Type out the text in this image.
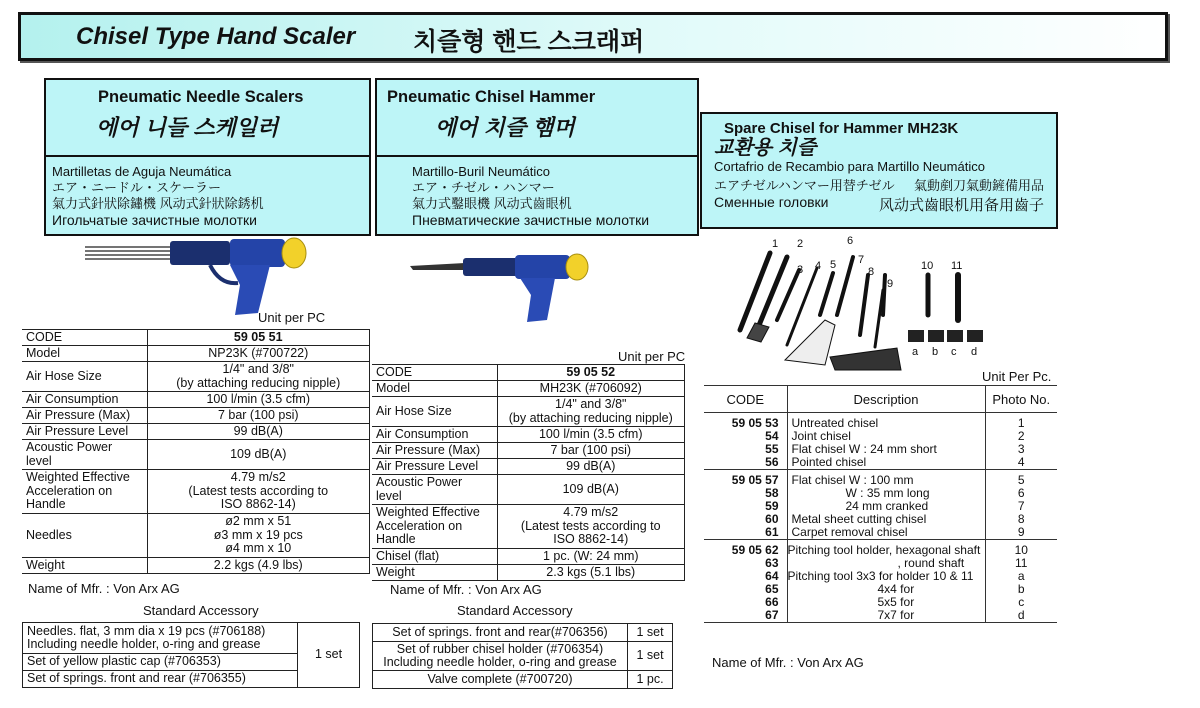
Chisel Type Hand Scaler 치즐형 핸드 스크래퍼
Pneumatic Needle Scalers
에어 니들 스케일러
Martilletas de Aguja Neumática
エア・ニードル・スケーラー
氣力式針狀除鏽機 风动式針狀除銹机
Игольчатые зачистные молотки
Pneumatic Chisel Hammer
에어 치즐 햄머
Martillo-Buril Neumático
エア・チゼル・ハンマー
氣力式鑿眼機 风动式齒眼机
Пневматические зачистные молотки
Spare Chisel for Hammer MH23K
교환용 치즐
Cortafrio de Recambio para Martillo Neumático
エアチゼルハンマー用替チゼル 氣動剷刀氣動鏟備用品
Сменные головки	风动式齒眼机用备用齒子
Unit per PC
Unit per PC
1 2
3 4 5
6
7
8
9
10 11
a b c d
Unit Per Pc.
CODE	59 05 51
Model	NP23K (#700722)
Air Hose Size	1/4" and 3/8"
(by attaching reducing nipple)
Air Consumption	100 l/min (3.5 cfm)
Air Pressure (Max)	7 bar (100 psi)
Air Pressure Level	99 dB(A)
Acoustic Power
level	109 dB(A)
Weighted Effective
Acceleration on
Handle	4.79 m/s2
(Latest tests according to
ISO 8862-14)
Needles	ø2 mm x 51
ø3 mm x 19 pcs
ø4 mm x 10
Weight	2.2 kgs (4.9 lbs)
Name of Mfr. : Von Arx AG
Standard Accessory
Needles. flat, 3 mm dia x 19 pcs (#706188)
Including needle holder, o-ring and grease	1 set
Set of yellow plastic cap (#706353)
Set of springs. front and rear (#706355)
CODE	59 05 52
Model	MH23K (#706092)
Air Hose Size	1/4" and 3/8"
(by attaching reducing nipple)
Air Consumption	100 l/min (3.5 cfm)
Air Pressure (Max)	7 bar (100 psi)
Air Pressure Level	99 dB(A)
Acoustic Power
level	109 dB(A)
Weighted Effective
Acceleration on
Handle	4.79 m/s2
(Latest tests according to
ISO 8862-14)
Chisel (flat)	1 pc. (W: 24 mm)
Weight	2.3 kgs (5.1 lbs)
Name of Mfr. : Von Arx AG
Standard Accessory
Set of springs. front and rear(#706356)	1 set
Set of rubber chisel holder (#706354)
Including needle holder, o-ring and grease	1 set
Valve complete (#700720)	1 pc.
CODE	Description	Photo No.
59 05 53	Untreated chisel	1
54	Joint chisel	2
55	Flat chisel W : 24 mm short	3
56	Pointed chisel	4
59 05 57	Flat chisel W : 100 mm	5
58	W : 35 mm long	6
59	24 mm cranked	7
60	Metal sheet cutting chisel	8
61	Carpet removal chisel	9
59 05 62	Pitching tool holder, hexagonal shaft	10
63	, round shaft	11
64	Pitching tool 3x3 for holder 10 & 11	a
65	4x4 for	b
66	5x5 for	c
67	7x7 for	d
Name of Mfr. : Von Arx AG
